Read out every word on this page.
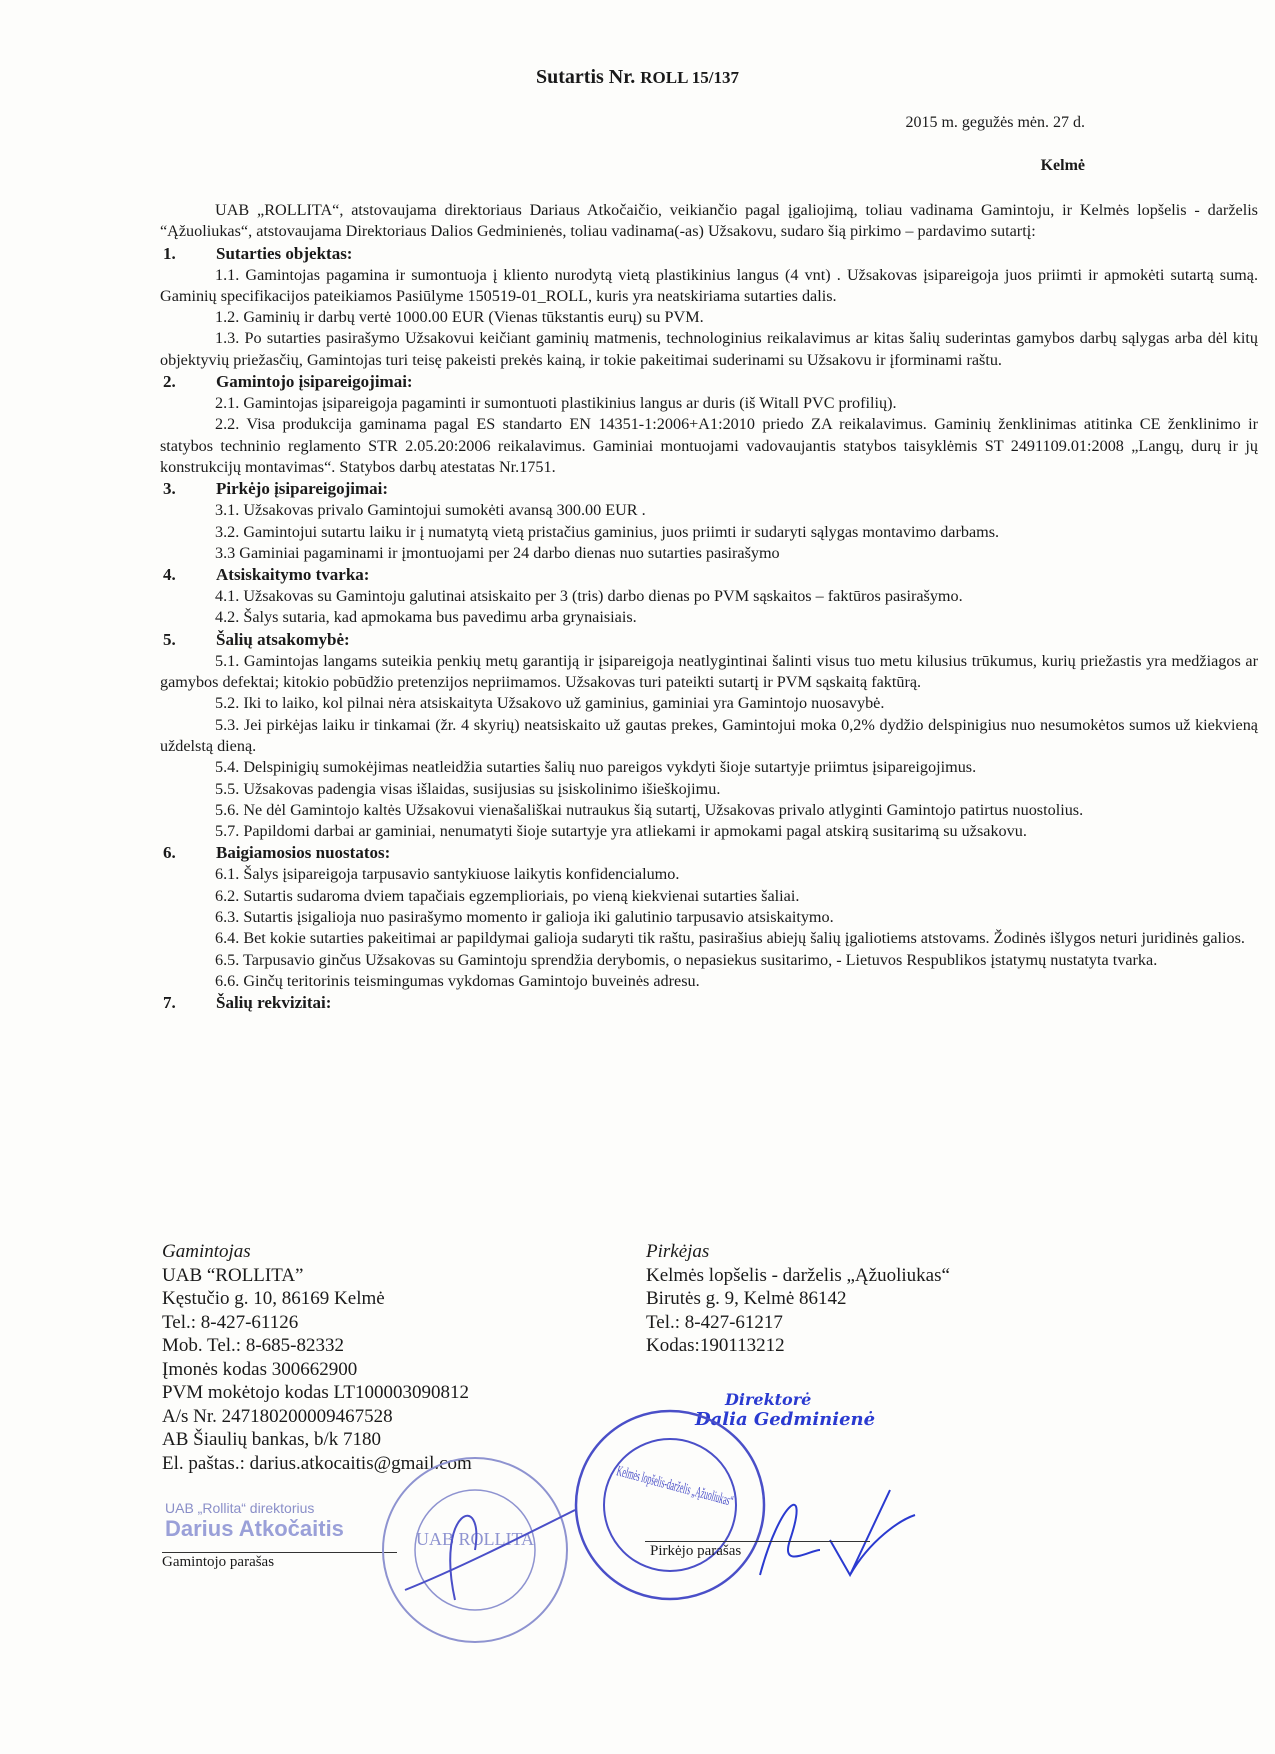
Sutartis Nr. ROLL 15/137
2015 m. gegužės mėn. 27 d.
Kelmė

UAB „ROLLITA“, atstovaujama direktoriaus Dariaus Atkočaičio, veikiančio pagal įgaliojimą, toliau vadinama Gamintoju, ir Kelmės lopšelis - darželis “Ąžuoliukas“, atstovaujama Direktoriaus Dalios Gedminienės, toliau vadinama(-as) Užsakovu, sudaro šią pirkimo – pardavimo sutartį:

1.	Sutarties objektas:

1.1. Gamintojas pagamina ir sumontuoja į kliento nurodytą vietą plastikinius langus (4 vnt) . Užsakovas įsipareigoja juos priimti ir apmokėti sutartą sumą. Gaminių specifikacijos pateikiamos Pasiūlyme 150519-01_ROLL, kuris yra neatskiriama sutarties dalis.

1.2. Gaminių ir darbų vertė 1000.00 EUR (Vienas tūkstantis eurų) su PVM.

1.3. Po sutarties pasirašymo Užsakovui keičiant gaminių matmenis, technologinius reikalavimus ar kitas šalių suderintas gamybos darbų sąlygas arba dėl kitų objektyvių priežasčių, Gamintojas turi teisę pakeisti prekės kainą, ir tokie pakeitimai suderinami su Užsakovu ir įforminami raštu.

2.	Gamintojo įsipareigojimai:

2.1. Gamintojas įsipareigoja pagaminti ir sumontuoti plastikinius langus ar duris (iš Witall PVC profilių).

2.2. Visa produkcija gaminama pagal ES standarto EN 14351-1:2006+A1:2010 priedo ZA reikalavimus. Gaminių ženklinimas atitinka CE ženklinimo ir statybos techninio reglamento STR 2.05.20:2006 reikalavimus. Gaminiai montuojami vadovaujantis statybos taisyklėmis ST 2491109.01:2008 „Langų, durų ir jų konstrukcijų montavimas“. Statybos darbų atestatas Nr.1751.

3.	Pirkėjo įsipareigojimai:

3.1. Užsakovas privalo Gamintojui sumokėti avansą 300.00 EUR .

3.2. Gamintojui sutartu laiku ir į numatytą vietą pristačius gaminius, juos priimti ir sudaryti sąlygas montavimo darbams.

3.3 Gaminiai pagaminami ir įmontuojami per 24 darbo dienas nuo sutarties pasirašymo

4.	Atsiskaitymo tvarka:

4.1. Užsakovas su Gamintoju galutinai atsiskaito per 3 (tris) darbo dienas po PVM sąskaitos – faktūros pasirašymo.

4.2. Šalys sutaria, kad apmokama bus pavedimu arba grynaisiais.

5.	Šalių atsakomybė:

5.1. Gamintojas langams suteikia penkių metų garantiją ir įsipareigoja neatlygintinai šalinti visus tuo metu kilusius trūkumus, kurių priežastis yra medžiagos ar gamybos defektai; kitokio pobūdžio pretenzijos nepriimamos. Užsakovas turi pateikti sutartį ir PVM sąskaitą faktūrą.

5.2. Iki to laiko, kol pilnai nėra atsiskaityta Užsakovo už gaminius, gaminiai yra Gamintojo nuosavybė.

5.3. Jei pirkėjas laiku ir tinkamai (žr. 4 skyrių) neatsiskaito už gautas prekes, Gamintojui moka 0,2% dydžio delspinigius nuo nesumokėtos sumos už kiekvieną uždelstą dieną.

5.4. Delspinigių sumokėjimas neatleidžia sutarties šalių nuo pareigos vykdyti šioje sutartyje priimtus įsipareigojimus.

5.5. Užsakovas padengia visas išlaidas, susijusias su įsiskolinimo išieškojimu.

5.6. Ne dėl Gamintojo kaltės Užsakovui vienašališkai nutraukus šią sutartį, Užsakovas privalo atlyginti Gamintojo patirtus nuostolius.

5.7. Papildomi darbai ar gaminiai, nenumatyti šioje sutartyje yra atliekami ir apmokami pagal atskirą susitarimą su užsakovu.

6.	Baigiamosios nuostatos:

6.1. Šalys įsipareigoja tarpusavio santykiuose laikytis konfidencialumo.

6.2. Sutartis sudaroma dviem tapačiais egzemplioriais, po vieną kiekvienai sutarties šaliai.

6.3. Sutartis įsigalioja nuo pasirašymo momento ir galioja iki galutinio tarpusavio atsiskaitymo.

6.4. Bet kokie sutarties pakeitimai ar papildymai galioja sudaryti tik raštu, pasirašius abiejų šalių įgaliotiems atstovams. Žodinės išlygos neturi juridinės galios.

6.5. Tarpusavio ginčus Užsakovas su Gamintoju sprendžia derybomis, o nepasiekus susitarimo, - Lietuvos Respublikos įstatymų nustatyta tvarka.

6.6. Ginčų teritorinis teismingumas vykdomas Gamintojo buveinės adresu.

7.	Šalių rekvizitai:
Gamintojas
UAB “ROLLITA”
Kęstučio g. 10, 86169 Kelmė
Tel.: 8-427-61126
Mob. Tel.: 8-685-82332
Įmonės kodas 300662900
PVM mokėtojo kodas LT100003090812
A/s Nr. 247180200009467528
AB Šiaulių bankas, b/k 7180
El. paštas.: darius.atkocaitis@gmail.com
Pirkėjas
Kelmės lopšelis - darželis „Ąžuoliukas“
Birutės g. 9, Kelmė 86142
Tel.: 8-427-61217
Kodas:190113212
UAB „Rollita“ direktorius
Darius Atkočaitis
Gamintojo parašas
UAB ROLLITA
Direktorė
Dalia Gedminienė
Kelmės lopšelis-darželis „Ąžuoliukas“
Pirkėjo parašas
